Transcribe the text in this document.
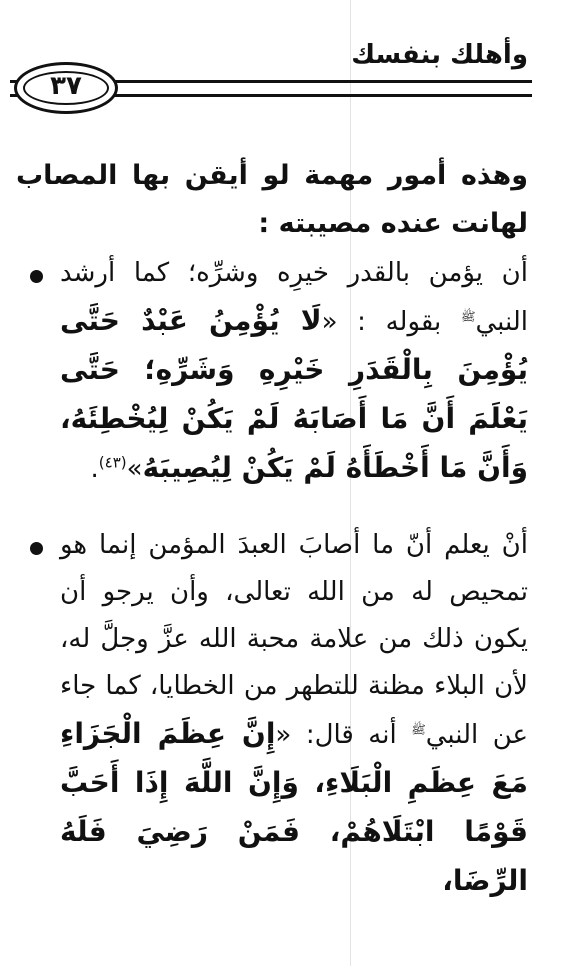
وأهلك بنفسك
٣٧
وهذه أمور مهمة لو أيقن بها المصاب لهانت عنده مصيبته :

أن يؤمن بالقدر خيرِه وشرِّه؛ كما أرشد النبي$^ﷺ$ بقوله : «لَا يُؤْمِنُ عَبْدٌ حَتَّى يُؤْمِنَ بِالْقَدَرِ خَيْرِهِ وَشَرِّهِ؛ حَتَّى يَعْلَمَ أَنَّ مَا أَصَابَهُ لَمْ يَكُنْ لِيُخْطِئَهُ، وَأَنَّ مَا أَخْطَأَهُ لَمْ يَكُنْ لِيُصِيبَهُ»$^{(٤٣)}$.

أنْ يعلم أنّ ما أصابَ العبدَ المؤمن إنما هو تمحيص له من الله تعالى، وأن يرجو أن يكون ذلك من علامة محبة الله عزَّ وجلَّ له، لأن البلاء مظنة للتطهر من الخطايا، كما جاء عن النبي$^ﷺ$ أنه قال: «إِنَّ عِظَمَ الْجَزَاءِ مَعَ عِظَمِ الْبَلَاءِ، وَإِنَّ اللَّهَ إِذَا أَحَبَّ قَوْمًا ابْتَلَاهُمْ، فَمَنْ رَضِيَ فَلَهُ الرِّضَا،
